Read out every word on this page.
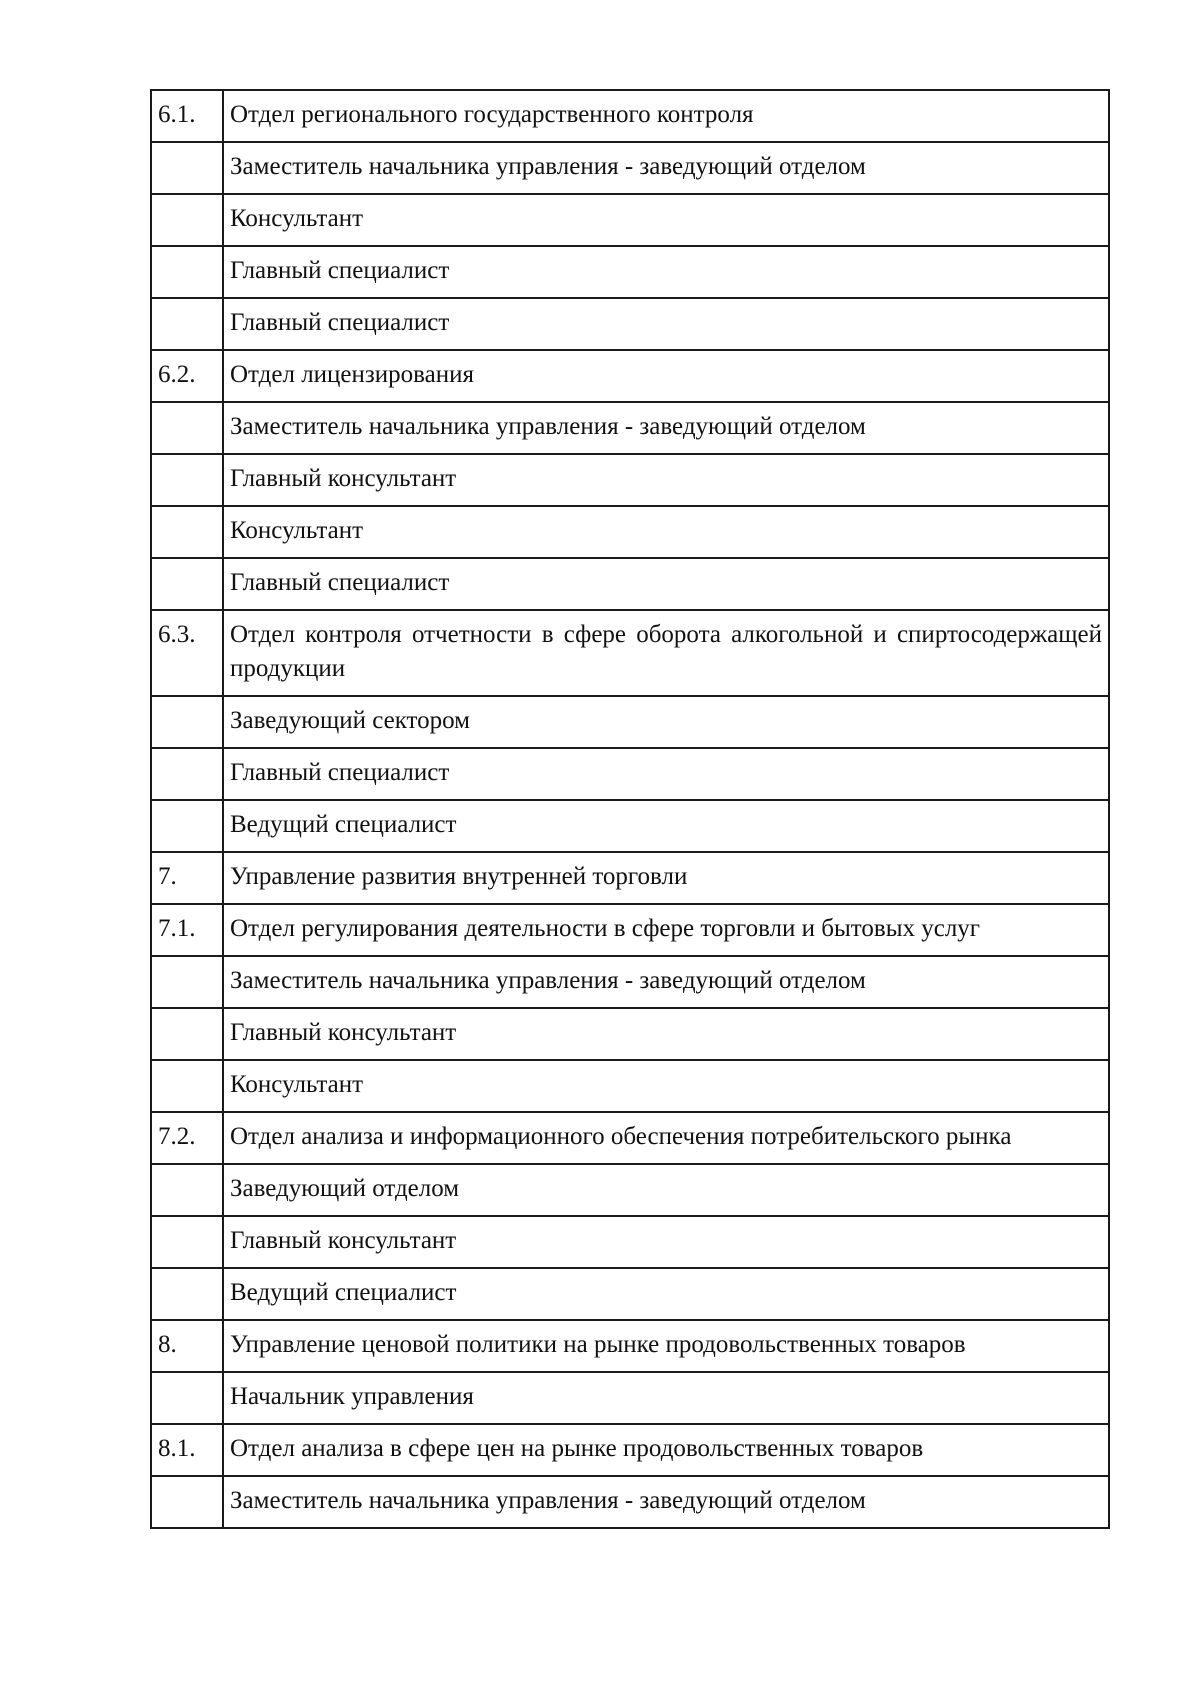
6.1.	Отдел регионального государственного контроля
	Заместитель начальника управления - заведующий отделом
	Консультант
	Главный специалист
	Главный специалист
6.2.	Отдел лицензирования
	Заместитель начальника управления - заведующий отделом
	Главный консультант
	Консультант
	Главный специалист
6.3.	Отдел контроля отчетности в сфере оборота алкогольной и спиртосодержащей продукции
	Заведующий сектором
	Главный специалист
	Ведущий специалист
7.	Управление развития внутренней торговли
7.1.	Отдел регулирования деятельности в сфере торговли и бытовых услуг
	Заместитель начальника управления - заведующий отделом
	Главный консультант
	Консультант
7.2.	Отдел анализа и информационного обеспечения потребительского рынка
	Заведующий отделом
	Главный консультант
	Ведущий специалист
8.	Управление ценовой политики на рынке продовольственных товаров
	Начальник управления
8.1.	Отдел анализа в сфере цен на рынке продовольственных товаров
	Заместитель начальника управления - заведующий отделом
